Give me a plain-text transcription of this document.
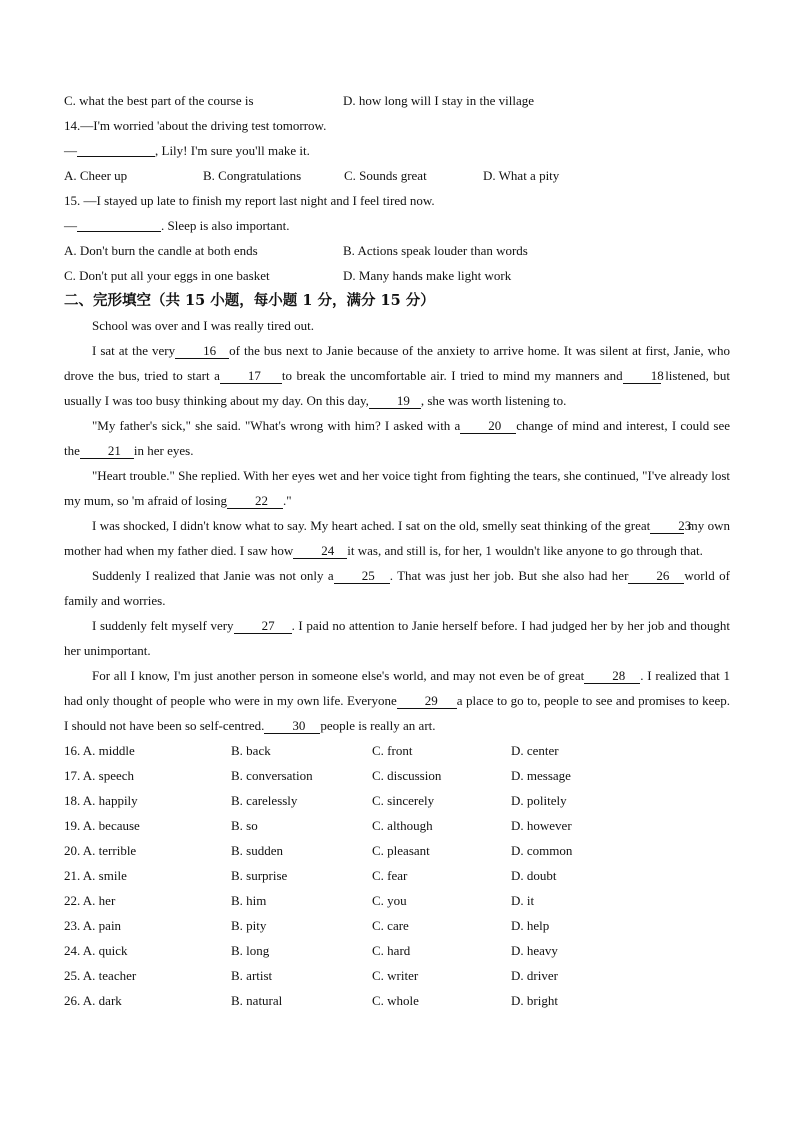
C. what the best part of the course is	D. how long will I stay in the village
14.—I'm worried 'about the driving test tomorrow.
—	, Lily! I'm sure you'll make it.
A. Cheer up	B. Congratulations	C. Sounds great	D. What a pity
15. —I stayed up late to finish my report last night and I feel tired now.
—	. Sleep is also important.
A. Don't burn the candle at both ends	B. Actions speak louder than words
C. Don't put all your eggs in one basket	D. Many hands make light work
二、完形填空（共 15 小题，每小题 1 分，满分 15 分）
School was over and I was really tired out.
I sat at the very 16 of the bus next to Janie because of the anxiety to arrive home. It was silent at first, Janie, who drove the bus, tried to start a 17 to break the uncomfortable air. I tried to mind my manners and 18 listened, but usually I was too busy thinking about my day. On this day, 19 , she was worth listening to.
"My father's sick," she said. "What's wrong with him? I asked with a 20 change of mind and interest, I could see the 21 in her eyes.
"Heart trouble." She replied. With her eyes wet and her voice tight from fighting the tears, she continued, "I've already lost my mum, so 'm afraid of losing 22 ."
I was shocked, I didn't know what to say. My heart ached. I sat on the old, smelly seat thinking of the great 23 my own mother had when my father died. I saw how 24 it was, and still is, for her, 1 wouldn't like anyone to go through that.
Suddenly I realized that Janie was not only a 25 . That was just her job. But she also had her 26 world of family and worries.
I suddenly felt myself very 27 . I paid no attention to Janie herself before. I had judged her by her job and thought her unimportant.
For all I know, I'm just another person in someone else's world, and may not even be of great 28 . I realized that 1 had only thought of people who were in my own life. Everyone 29 a place to go to, people to see and promises to keep. I should not have been so self-centred. 30 people is really an art.
16. A. middle	B. back	C. front	D. center
17. A. speech	B. conversation	C. discussion	D. message
18. A. happily	B. carelessly	C. sincerely	D. politely
19. A. because	B. so	C. although	D. however
20. A. terrible	B. sudden	C. pleasant	D. common
21. A. smile	B. surprise	C. fear	D. doubt
22. A. her	B. him	C. you	D. it
23. A. pain	B. pity	C. care	D. help
24. A. quick	B. long	C. hard	D. heavy
25. A. teacher	B. artist	C. writer	D. driver
26. A. dark	B. natural	C. whole	D. bright
